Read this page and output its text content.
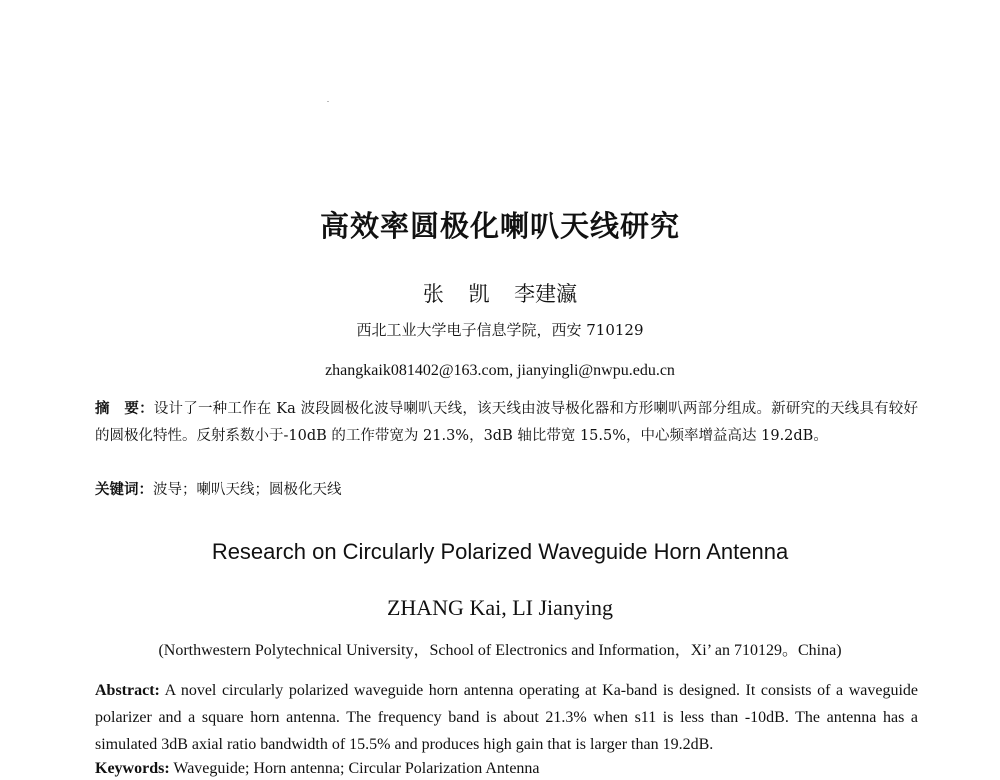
高效率圆极化喇叭天线研究
张 凯 李建瀛
西北工业大学电子信息学院，西安 710129
zhangkaik081402@163.com, jianyingli@nwpu.edu.cn
摘　要：设计了一种工作在 Ka 波段圆极化波导喇叭天线，该天线由波导极化器和方形喇叭两部分组成。新研究的天线具有较好的圆极化特性。反射系数小于-10dB 的工作带宽为 21.3%，3dB 轴比带宽 15.5%，中心频率增益高达 19.2dB。
关键词：波导；喇叭天线；圆极化天线
Research on Circularly Polarized Waveguide Horn Antenna
ZHANG Kai, LI Jianying
(Northwestern Polytechnical University，School of Electronics and Information，Xi’ an 710129。China)
Abstract: A novel circularly polarized waveguide horn antenna operating at Ka-band is designed. It consists of a waveguide polarizer and a square horn antenna. The frequency band is about 21.3% when s11 is less than -10dB. The antenna has a simulated 3dB axial ratio bandwidth of 15.5% and produces high gain that is larger than 19.2dB.
Keywords: Waveguide; Horn antenna; Circular Polarization Antenna
